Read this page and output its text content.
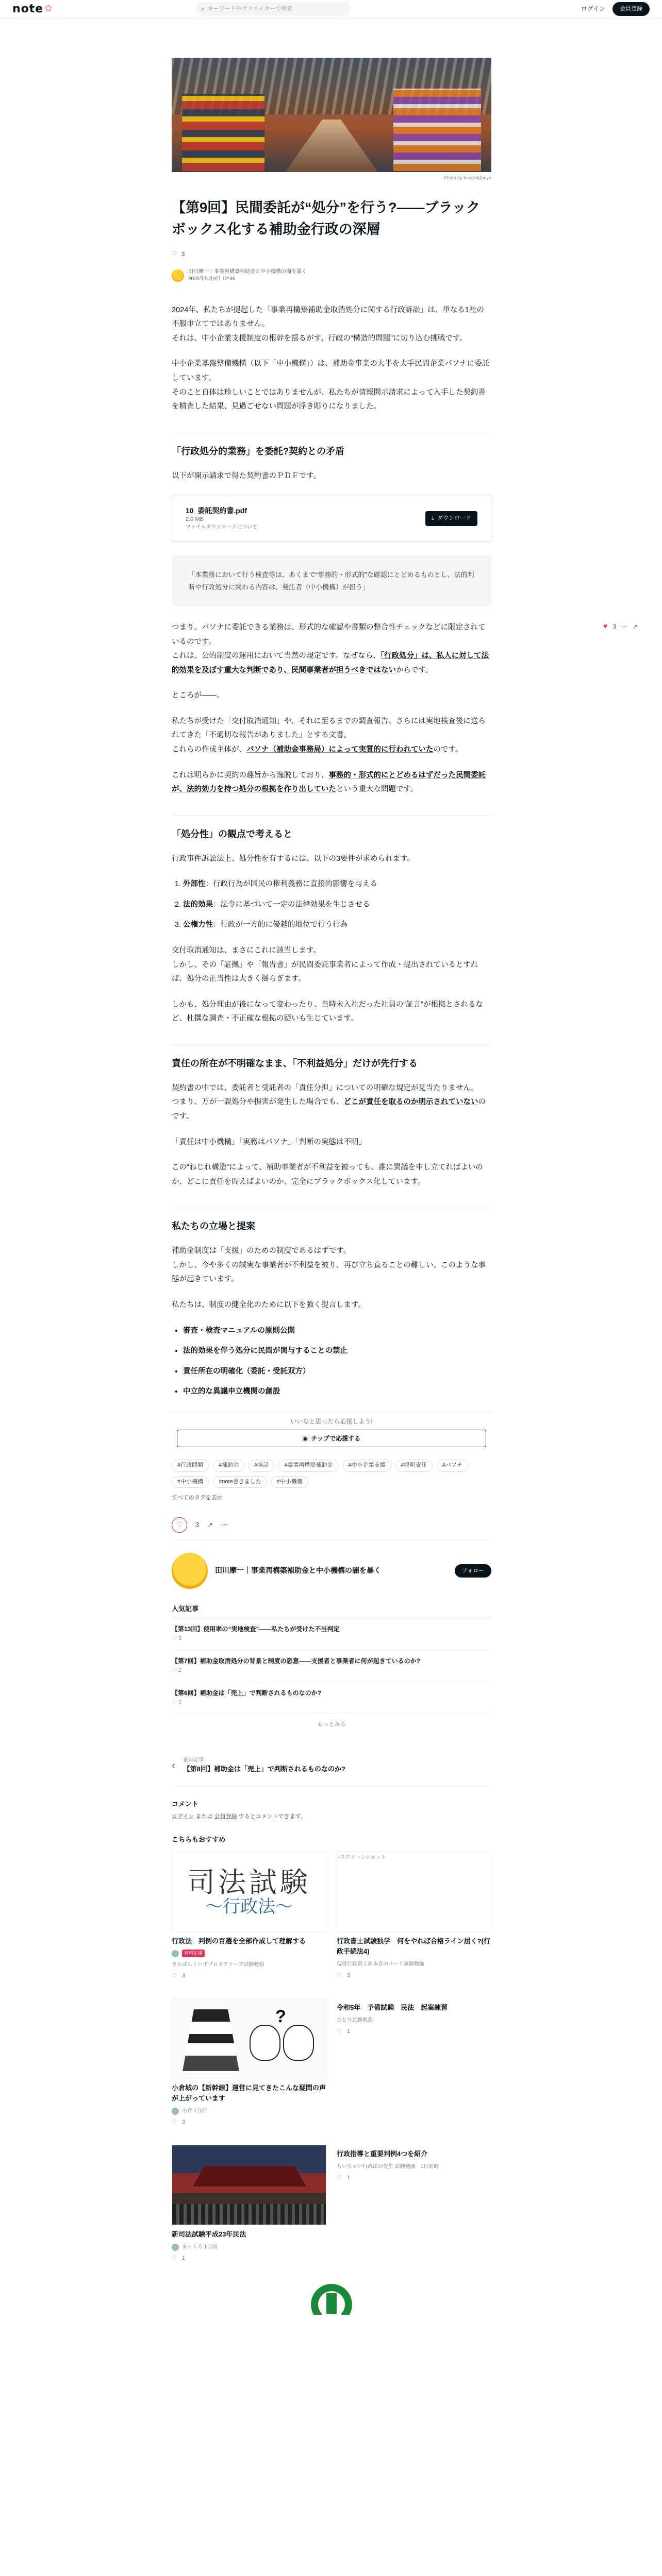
note ✿	⌕ キーワードやクリエイターで検索	ログイン	会員登録
♥ 3 ⋯ ↗
Photo by Image4Jonya
【第9回】民間委託が“処分”を行う?——ブラックボックス化する補助金行政の深層
♡ 3
田川摩一｜事業再構築補助金と中小機構の闇を暴く
2025年5月9日 12:36

2024年、私たちが提起した「事業再構築補助金取消処分に関する行政訴訟」は、単なる1社の不服申立てではありません。
それは、中小企業支援制度の根幹を揺るがす、行政の“構造的問題”に切り込む挑戦です。

中小企業基盤整備機構（以下「中小機構」）は、補助金事業の大半を大手民間企業パソナに委託しています。
そのこと自体は珍しいことではありませんが、私たちが情報開示請求によって入手した契約書を精査した結果、見過ごせない問題が浮き彫りになりました。

「行政処分的業務」を委託?契約との矛盾

以下が開示請求で得た契約書のＰＤＦです。

10_委託契約書.pdf
2.0 MB
ファイルダウンロードについて
⤓ ダウンロード
「本業務において行う検査等は、あくまで“事務的・形式的”な確認にとどめるものとし、法的判断や行政処分に関わる内容は、発注者（中小機構）が担う」

つまり、パソナに委託できる業務は、形式的な確認や書類の整合性チェックなどに限定されているのです。
これは、公的制度の運用において当然の規定です。なぜなら、「行政処分」は、私人に対して法的効果を及ぼす重大な判断であり、民間事業者が担うべきではないからです。

ところが——。

私たちが受けた「交付取消通知」や、それに至るまでの調査報告、さらには実地検査後に送られてきた「不適切な報告がありました」とする文書。
これらの作成主体が、パソナ（補助金事務局）によって実質的に行われていたのです。

これは明らかに契約の趣旨から逸脱しており、事務的・形式的にとどめるはずだった民間委託が、法的効力を持つ処分の根拠を作り出していたという重大な問題です。

「処分性」の観点で考えると

行政事件訴訟法上、処分性を有するには、以下の3要件が求められます。

1. 外部性：行政行為が国民の権利義務に直接的影響を与える
2. 法的効果：法令に基づいて一定の法律効果を生じさせる
3. 公権力性：行政が一方的に優越的地位で行う行為

交付取消通知は、まさにこれに該当します。
しかし、その「証拠」や「報告書」が民間委託事業者によって作成・提出されているとすれば、処分の正当性は大きく揺らぎます。

しかも、処分理由が後になって変わったり、当時未入社だった社員の“証言”が根拠とされるなど、杜撰な調査・不正確な根拠の疑いも生じています。

責任の所在が不明確なまま、「不利益処分」だけが先行する

契約書の中では、委託者と受託者の「責任分担」についての明確な規定が見当たりません。
つまり、万が一誤処分や損害が発生した場合でも、どこが責任を取るのか明示されていないのです。

「責任は中小機構」「実務はパソナ」「判断の実態は不明」

この“ねじれ構造”によって、補助事業者が不利益を被っても、誰に異議を申し立てればよいのか、どこに責任を問えばよいのか、完全にブラックボックス化しています。

私たちの立場と提案

補助金制度は「支援」のための制度であるはずです。
しかし、今や多くの誠実な事業者が不利益を被り、再び立ち直ることの難しい、このような事態が起きています。

私たちは、制度の健全化のために以下を強く提言します。

• 審査・検査マニュアルの原則公開
• 法的効果を伴う処分に民間が関与することの禁止
• 責任所在の明確化（委託・受託双方）
• 中立的な異議申立機関の創設
いいなと思ったら応援しよう!
◉ チップで応援する
#行政問題	#補助金	#実話	#事業再構築補助金	#中小企業支援	#説明責任	#パソナ
#中小機構	#note書きました	#中小機構
すべてのタグを表示
♡	3 ↗ ⋯
田川摩一｜事業再構築補助金と中小機構の闇を暴く	フォロー
人気記事
【第13回】使用率の“実地検査”——私たちが受けた不当判定
♡ 3
【第7回】補助金取消処分の背景と制度の恣意——支援者と事業者に何が起きているのか?
♡ 2
【第6回】補助金は「売上」で判断されるものなのか?
♡ 3
もっとみる
‹ 前の記事
【第8回】補助金は「売上」で判断されるものなのか?
コメント
ログイン または 会員登録 するとコメントできます。
こちらもおすすめ
司法試験
〜行政法〜
行政法　判例の百選を全部作成して理解する
有料記事
きらぱんくいずプロドクトーア試験勉強
♡ 3
▫ スクリーンショット
行政書士試験独学　何をやれば合格ライン届く?(行政手続法4)
現役行政書士が本音のノート試験勉強
♡ 3
?
小倉城の【新幹線】運営に見てきたこんな疑問の声が上がっています
小倉 1分前
♡ 3
令和5年　予備試験　民法　起案練習
ひとり試験勉強
♡ 1
新司法試験平成23年民法
まっくろ 1日前
♡ 1
行政指導と重要判例4つを紹介
ちいちゃい行政法の先生 試験勉強　1日前時
♡ 1
